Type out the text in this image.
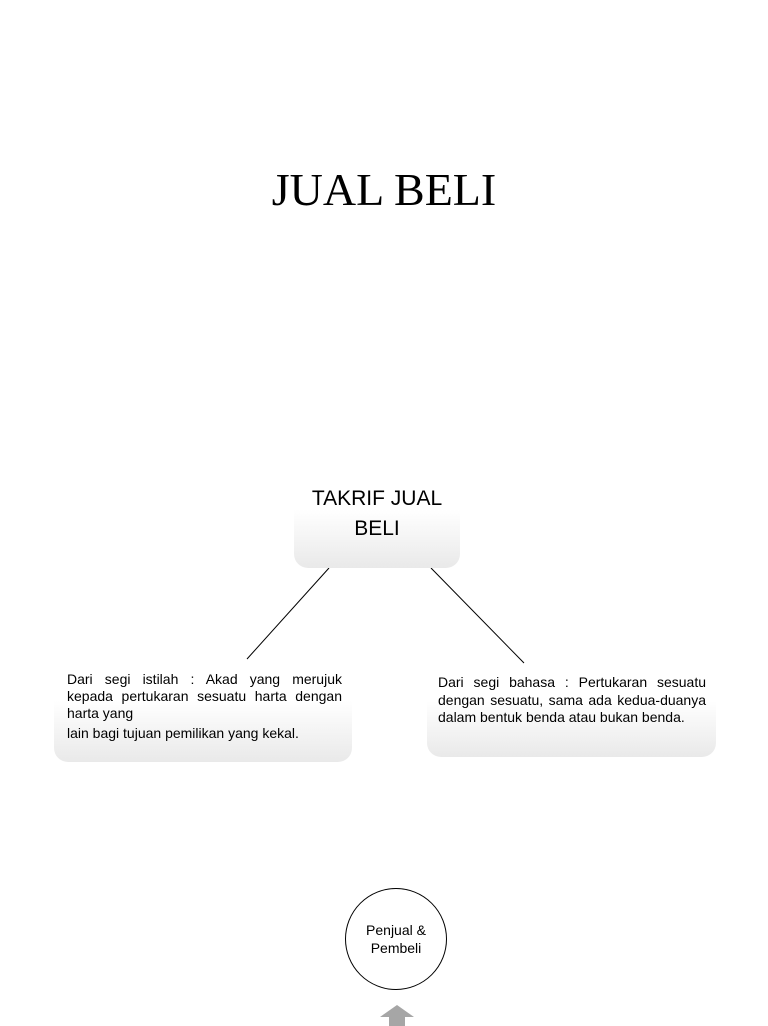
JUAL BELI
TAKRIF JUAL BELI
Dari segi istilah : Akad yang merujuk kepada pertukaran sesuatu harta dengan harta yang
lain bagi tujuan pemilikan yang kekal.
Dari segi bahasa : Pertukaran sesuatu dengan sesuatu, sama ada kedua-duanya dalam bentuk benda atau bukan benda.
Penjual & Pembeli
